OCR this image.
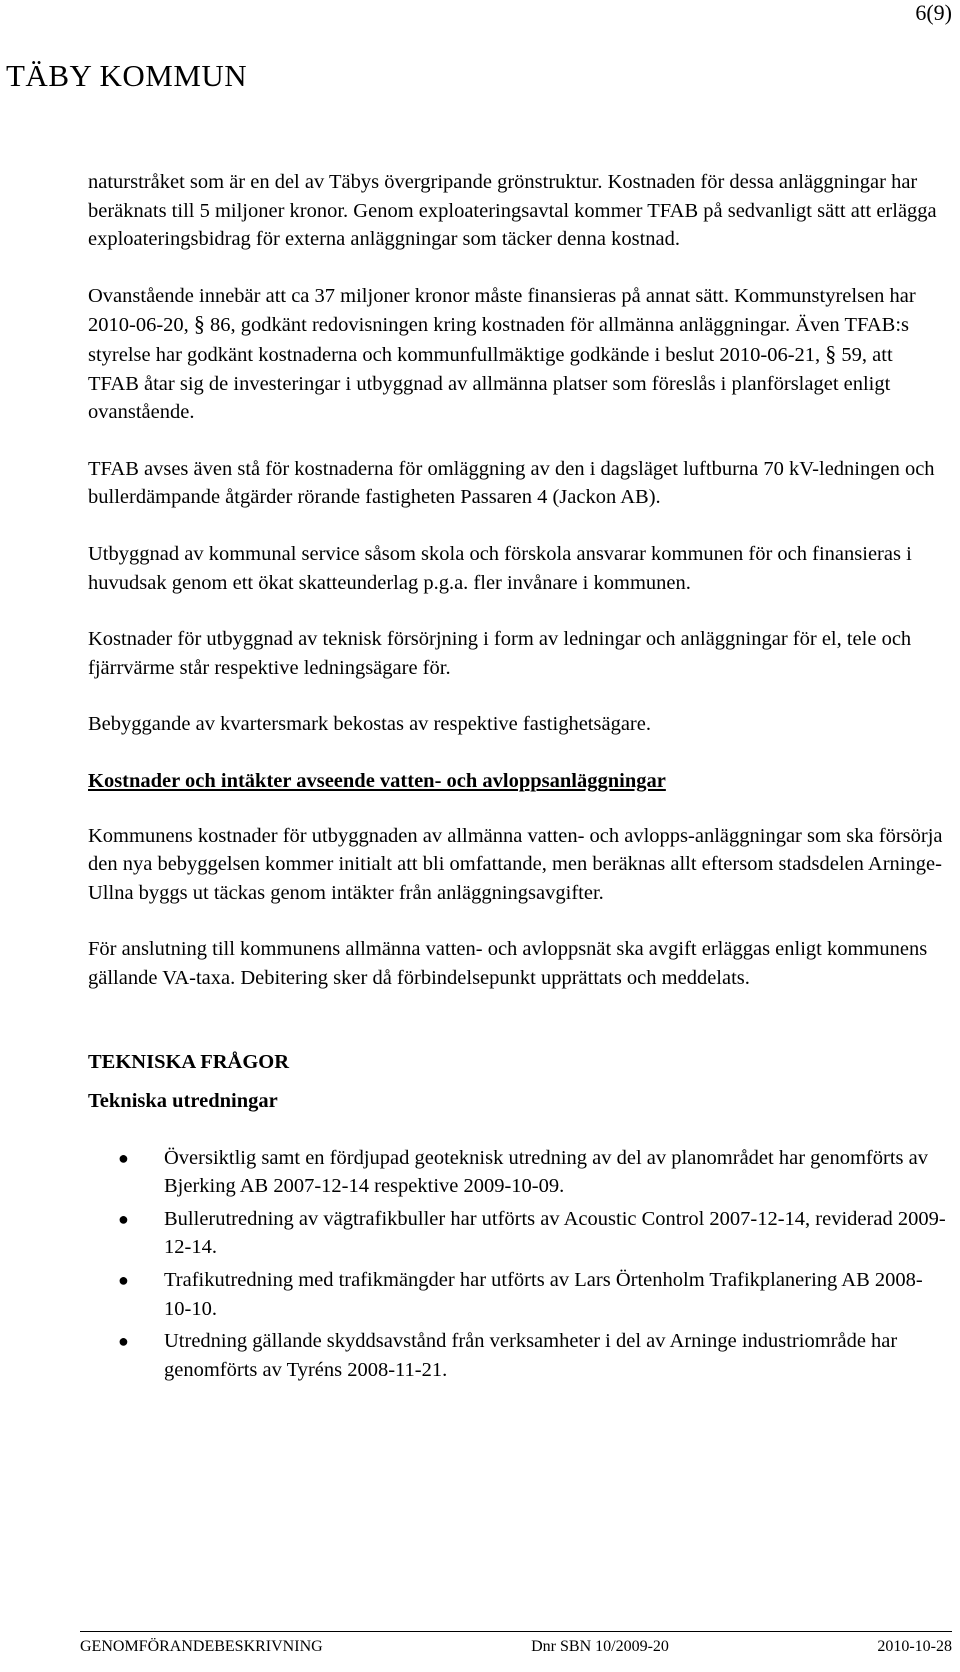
6(9)
TÄBY KOMMUN

naturstråket som är en del av Täbys övergripande grönstruktur. Kostnaden för dessa anläggningar har beräknats till 5 miljoner kronor. Genom exploateringsavtal kommer TFAB på sedvanligt sätt att erlägga exploateringsbidrag för externa anläggningar som täcker denna kostnad.

Ovanstående innebär att ca 37 miljoner kronor måste finansieras på annat sätt. Kommunstyrelsen har 2010-06-20, § 86, godkänt redovisningen kring kostnaden för allmänna anläggningar. Även TFAB:s styrelse har godkänt kostnaderna och kommunfullmäktige godkände i beslut 2010-06-21, § 59, att TFAB åtar sig de investeringar i utbyggnad av allmänna platser som föreslås i planförslaget enligt ovanstående.

TFAB avses även stå för kostnaderna för omläggning av den i dagsläget luftburna 70 kV-ledningen och bullerdämpande åtgärder rörande fastigheten Passaren 4 (Jackon AB).

Utbyggnad av kommunal service såsom skola och förskola ansvarar kommunen för och finansieras i huvudsak genom ett ökat skatteunderlag p.g.a. fler invånare i kommunen.

Kostnader för utbyggnad av teknisk försörjning i form av ledningar och anläggningar för el, tele och fjärrvärme står respektive ledningsägare för.

Bebyggande av kvartersmark bekostas av respektive fastighetsägare.

Kostnader och intäkter avseende vatten- och avloppsanläggningar

Kommunens kostnader för utbyggnaden av allmänna vatten- och avlopps-anläggningar som ska försörja den nya bebyggelsen kommer initialt att bli omfattande, men beräknas allt eftersom stadsdelen Arninge-Ullna byggs ut täckas genom intäkter från anläggningsavgifter.

För anslutning till kommunens allmänna vatten- och avloppsnät ska avgift erläggas enligt kommunens gällande VA-taxa. Debitering sker då förbindelsepunkt upprättats och meddelats.

TEKNISKA FRÅGOR
Tekniska utredningar
● Översiktlig samt en fördjupad geoteknisk utredning av del av planområdet har genomförts av Bjerking AB 2007-12-14 respektive 2009-10-09.
● Bullerutredning av vägtrafikbuller har utförts av Acoustic Control 2007-12-14, reviderad 2009-12-14.
● Trafikutredning med trafikmängder har utförts av Lars Örtenholm Trafikplanering AB 2008-10-10.
● Utredning gällande skyddsavstånd från verksamheter i del av Arninge industriområde har genomförts av Tyréns 2008-11-21.
GENOMFÖRANDEBESKRIVNING	Dnr SBN 10/2009-20	2010-10-28
